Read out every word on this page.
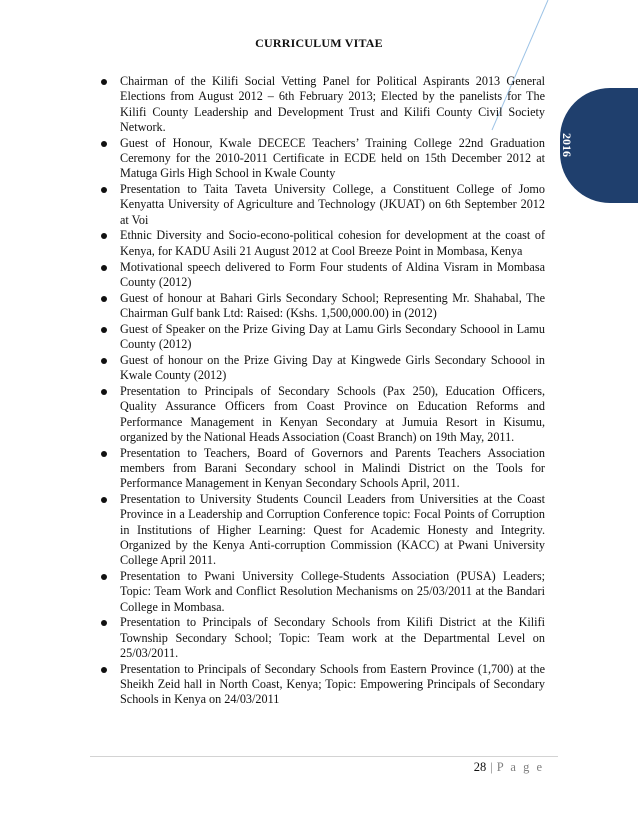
2016
CURRICULUM VITAE
Chairman of the Kilifi Social Vetting Panel for Political Aspirants 2013 General Elections from August 2012 – 6th February 2013; Elected by the panelists for The Kilifi County Leadership and Development Trust and Kilifi County Civil Society Network.
Guest of Honour, Kwale DECECE Teachers’ Training College 22nd Graduation Ceremony for the 2010-2011 Certificate in ECDE held on 15th December 2012 at Matuga Girls High School in Kwale County
Presentation to Taita Taveta University College, a Constituent College of Jomo Kenyatta University of Agriculture and Technology (JKUAT) on 6th September 2012 at Voi
Ethnic Diversity and Socio-econo-political cohesion for development at the coast of Kenya, for KADU Asili 21 August 2012 at Cool Breeze Point in Mombasa, Kenya
Motivational speech delivered to Form Four students of Aldina Visram in Mombasa County (2012)
Guest of honour at Bahari Girls Secondary School; Representing Mr. Shahabal, The Chairman Gulf bank Ltd: Raised: (Kshs. 1,500,000.00) in (2012)
Guest of Speaker on the Prize Giving Day at Lamu Girls Secondary Schoool in Lamu County (2012)
Guest of honour on the Prize Giving Day at Kingwede Girls Secondary Schoool in Kwale County (2012)
Presentation to Principals of Secondary Schools (Pax 250), Education Officers, Quality Assurance Officers from Coast Province on Education Reforms and Performance Management in Kenyan Secondary at Jumuia Resort in Kisumu, organized by the National Heads Association (Coast Branch) on 19th May, 2011.
Presentation to Teachers, Board of Governors and Parents Teachers Association members from Barani Secondary school in Malindi District on the Tools for Performance Management in Kenyan Secondary Schools April, 2011.
Presentation to University Students Council Leaders from Universities at the Coast Province in a Leadership and Corruption Conference topic: Focal Points of Corruption in Institutions of Higher Learning: Quest for Academic Honesty and Integrity. Organized by the Kenya Anti-corruption Commission (KACC) at Pwani University College April 2011.
Presentation to Pwani University College-Students Association (PUSA) Leaders; Topic: Team Work and Conflict Resolution Mechanisms on 25/03/2011 at the Bandari College in Mombasa.
Presentation to Principals of Secondary Schools from Kilifi District at the Kilifi Township Secondary School; Topic: Team work at the Departmental Level on 25/03/2011.
Presentation to Principals of Secondary Schools from Eastern Province (1,700) at the Sheikh Zeid hall in North Coast, Kenya; Topic: Empowering Principals of Secondary Schools in Kenya on 24/03/2011
28 | P a g e
